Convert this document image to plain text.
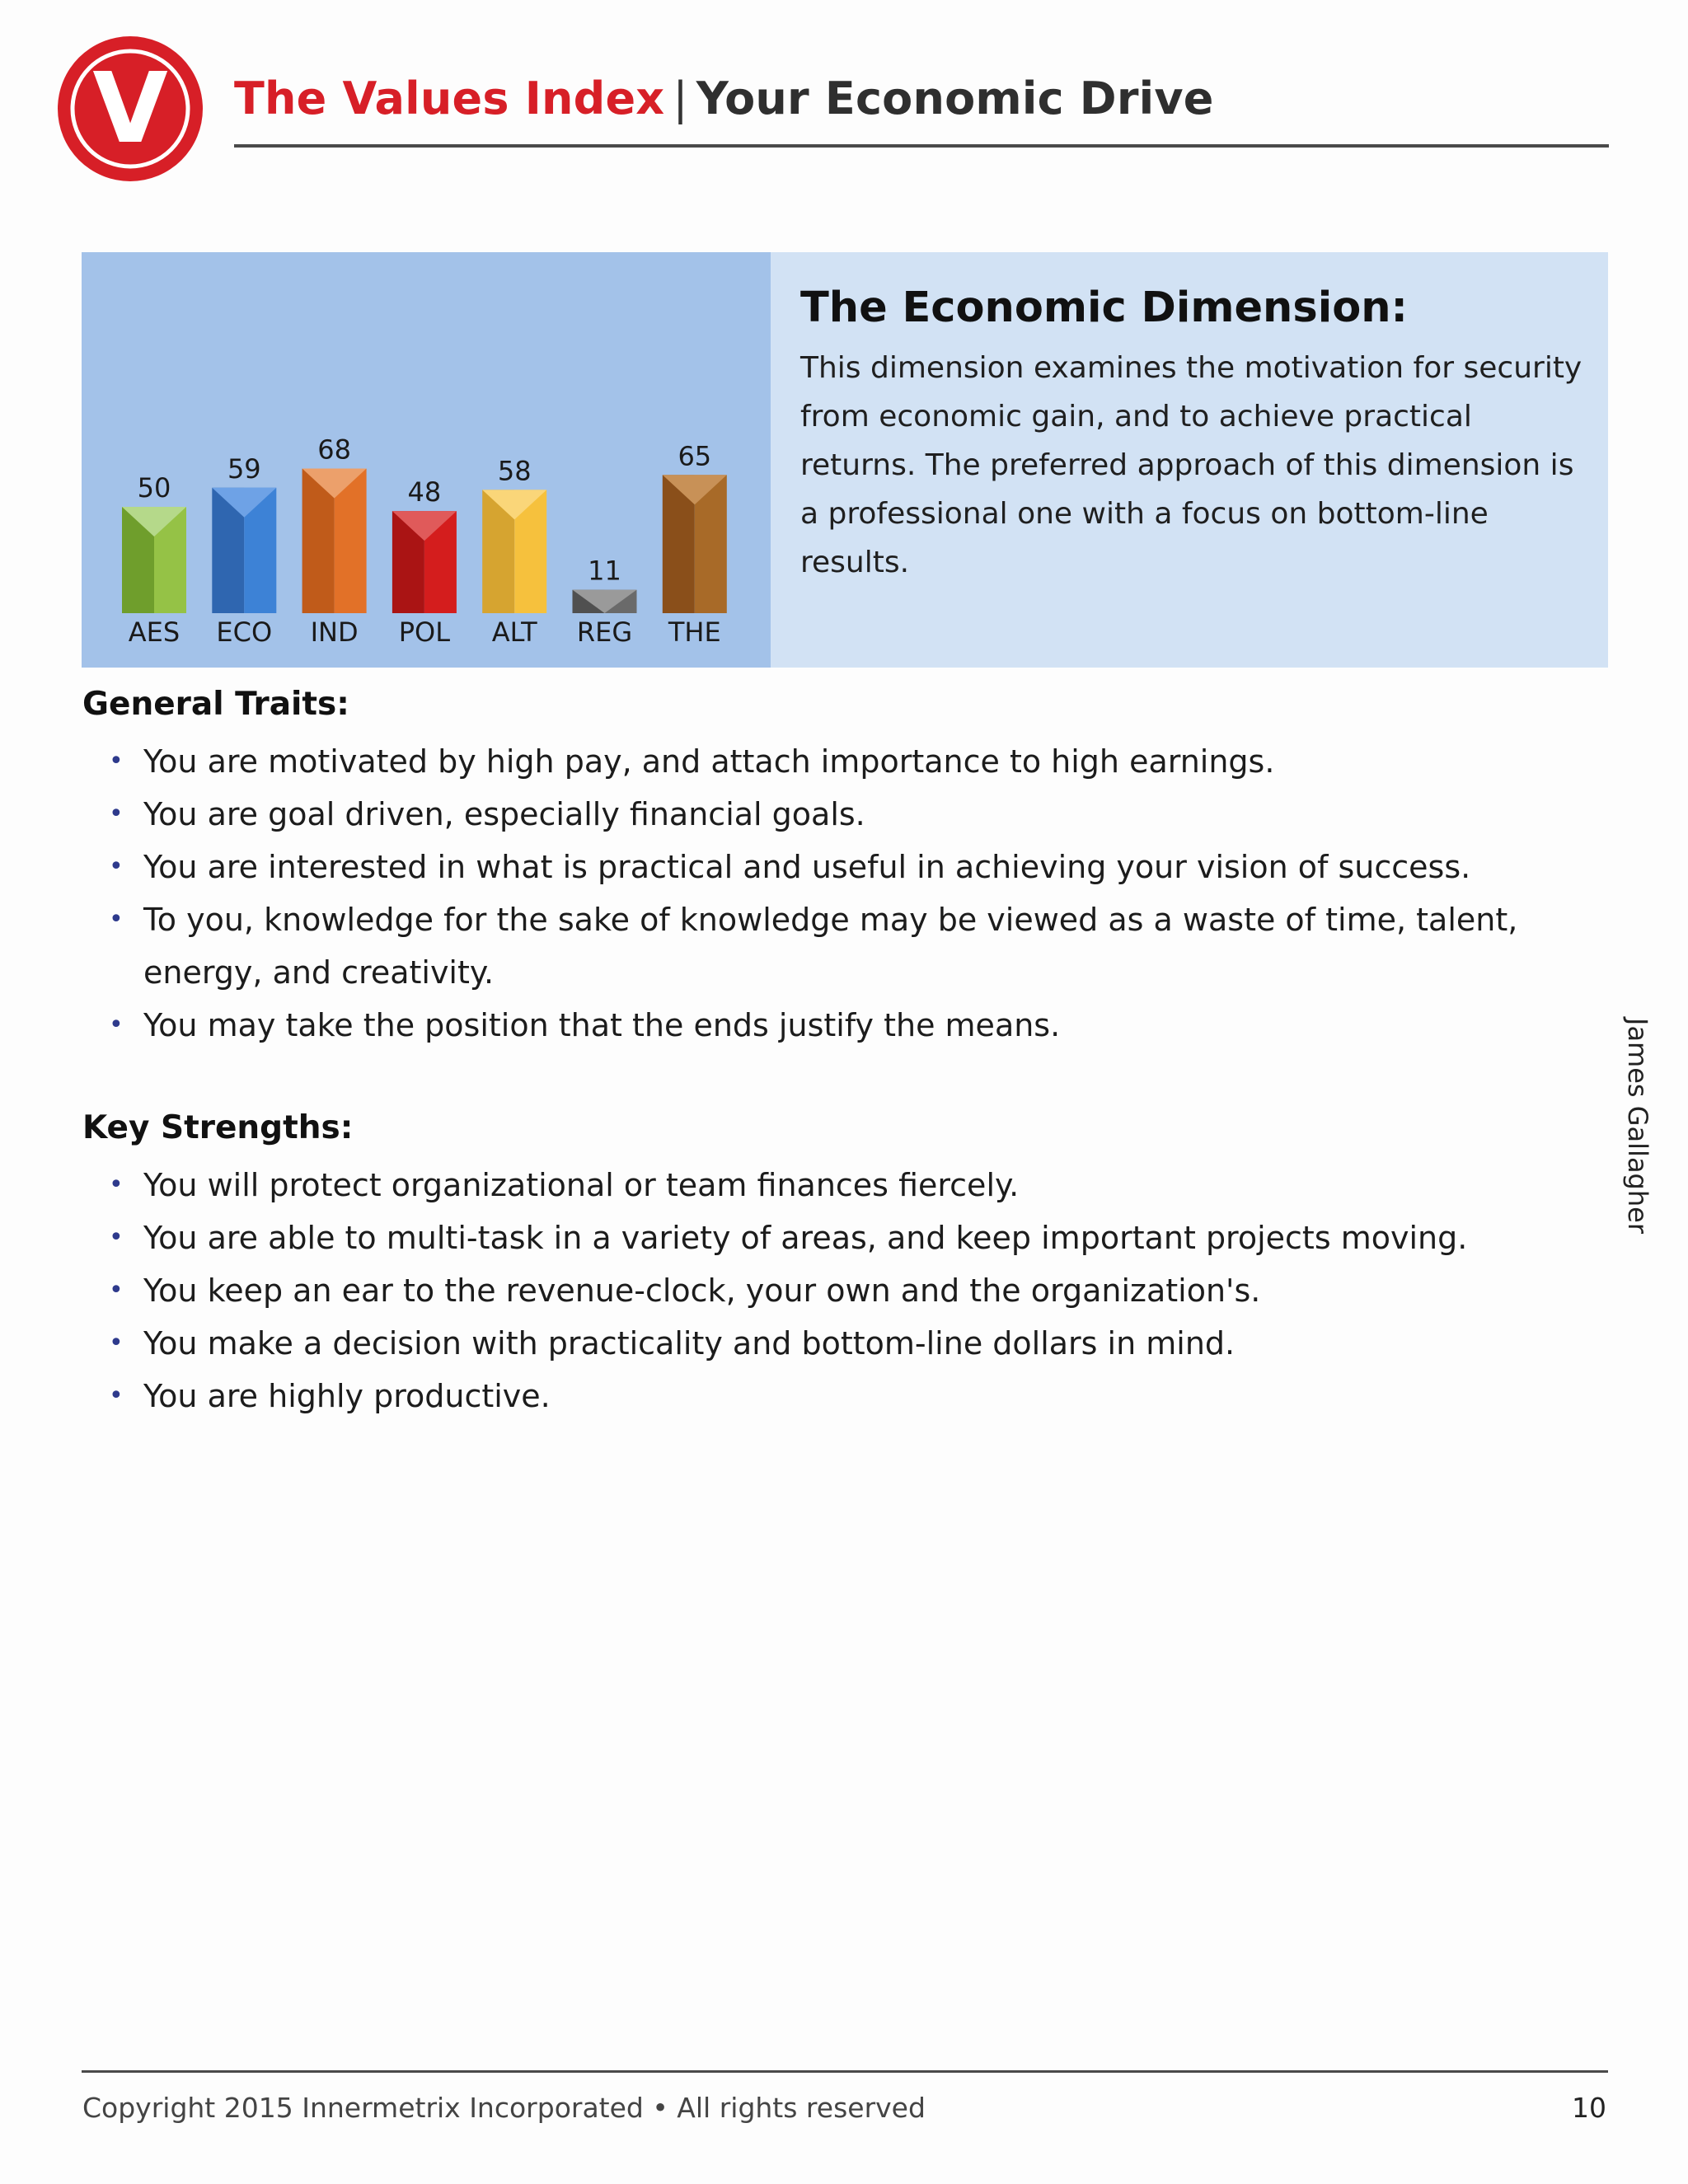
V The Values Index | Your Economic Drive
50
AES
59
ECO
68
IND
48
POL
58
ALT
11
REG
65
THE
The Economic Dimension:
This dimension examines the motivation for security from economic gain, and to achieve practical returns. The preferred approach of this dimension is a professional one with a focus on bottom-line results.
General Traits:
• You are motivated by high pay, and attach importance to high earnings.
• You are goal driven, especially financial goals.
• You are interested in what is practical and useful in achieving your vision of success.
• To you, knowledge for the sake of knowledge may be viewed as a waste of time, talent, energy, and creativity.
• You may take the position that the ends justify the means.
Key Strengths:
• You will protect organizational or team finances fiercely.
• You are able to multi-task in a variety of areas, and keep important projects moving.
• You keep an ear to the revenue-clock, your own and the organization's.
• You make a decision with practicality and bottom-line dollars in mind.
• You are highly productive.
James Gallagher
Copyright 2015 Innermetrix Incorporated • All rights reserved	10
